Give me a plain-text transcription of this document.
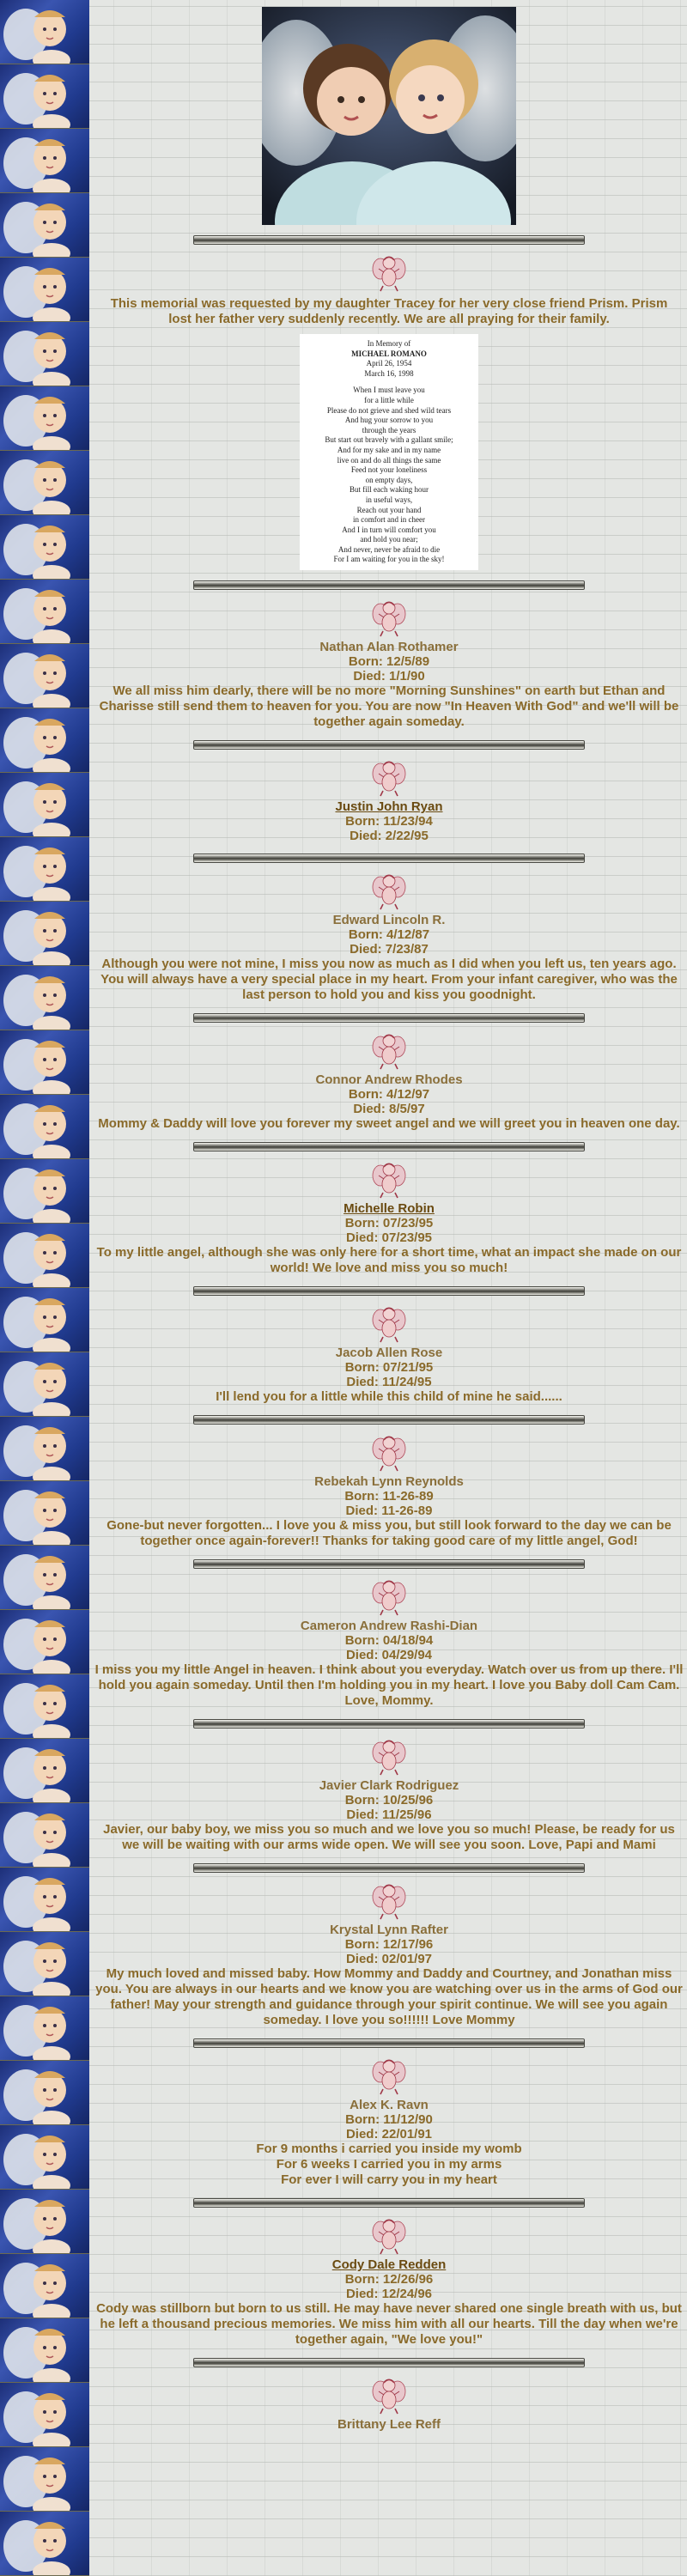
This memorial was requested by my daughter Tracey for her very close friend Prism. Prism lost her father very suddenly recently. We are all praying for their family.
In Memory of
MICHAEL ROMANO
April 26, 1954
March 16, 1998
When I must leave you
for a little while
Please do not grieve and shed wild tears
And hug your sorrow to you
through the years
But start out bravely with a gallant smile;
And for my sake and in my name
live on and do all things the same
Feed not your loneliness
on empty days,
But fill each waking hour
in useful ways,
Reach out your hand
in comfort and in cheer
And I in turn will comfort you
and hold you near;
And never, never be afraid to die
For I am waiting for you in the sky!
Nathan Alan Rothamer
Born: 12/5/89
Died: 1/1/90
We all miss him dearly, there will be no more "Morning Sunshines" on earth but Ethan and Charisse still send them to heaven for you. You are now "In Heaven With God" and we'll will be together again someday.
Justin John Ryan
Born: 11/23/94
Died: 2/22/95
Edward Lincoln R.
Born: 4/12/87
Died: 7/23/87
Although you were not mine, I miss you now as much as I did when you left us, ten years ago. You will always have a very special place in my heart. From your infant caregiver, who was the last person to hold you and kiss you goodnight.
Connor Andrew Rhodes
Born: 4/12/97
Died: 8/5/97
Mommy & Daddy will love you forever my sweet angel and we will greet you in heaven one day.
Michelle Robin
Born: 07/23/95
Died: 07/23/95
To my little angel, although she was only here for a short time, what an impact she made on our world! We love and miss you so much!
Jacob Allen Rose
Born: 07/21/95
Died: 11/24/95
I'll lend you for a little while this child of mine he said......
Rebekah Lynn Reynolds
Born: 11-26-89
Died: 11-26-89
Gone-but never forgotten... I love you & miss you, but still look forward to the day we can be together once again-forever!! Thanks for taking good care of my little angel, God!
Cameron Andrew Rashi-Dian
Born: 04/18/94
Died: 04/29/94
I miss you my little Angel in heaven. I think about you everyday. Watch over us from up there. I'll hold you again someday. Until then I'm holding you in my heart. I love you Baby doll Cam Cam. Love, Mommy.
Javier Clark Rodriguez
Born: 10/25/96
Died: 11/25/96
Javier, our baby boy, we miss you so much and we love you so much! Please, be ready for us we will be waiting with our arms wide open. We will see you soon. Love, Papi and Mami
Krystal Lynn Rafter
Born: 12/17/96
Died: 02/01/97
My much loved and missed baby. How Mommy and Daddy and Courtney, and Jonathan miss you. You are always in our hearts and we know you are watching over us in the arms of God our father! May your strength and guidance through your spirit continue. We will see you again someday. I love you so!!!!!! Love Mommy
Alex K. Ravn
Born: 11/12/90
Died: 22/01/91
For 9 months i carried you inside my womb
For 6 weeks I carried you in my arms
For ever I will carry you in my heart
Cody Dale Redden
Born: 12/26/96
Died: 12/24/96
Cody was stillborn but born to us still. He may have never shared one single breath with us, but he left a thousand precious memories. We miss him with all our hearts. Till the day when we're together again, "We love you!"
Brittany Lee Reff
